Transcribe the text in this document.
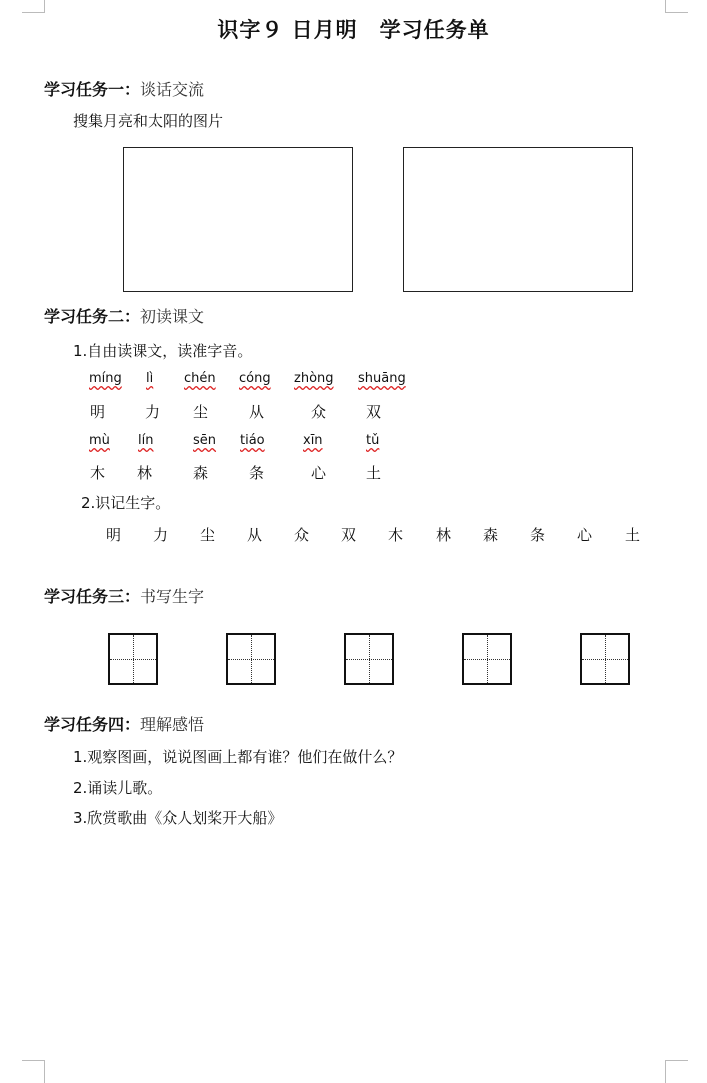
识字９ 日月明　学习任务单
学习任务一：谈话交流
搜集月亮和太阳的图片
学习任务二：初读课文
1.自由读课文，读准字音。
míng lì chén cóng zhòng shuāng
明	力 尘	从	众	双
mù lín	sēn tiáo	xīn	tǔ
木 林	森	条	心	土
2.识记生字。
明 力 尘 从 众 双 木 林 森 条 心 土
学习任务三：书写生字
学习任务四：理解感悟
1.观察图画，说说图画上都有谁？他们在做什么？
2.诵读儿歌。
3.欣赏歌曲《众人划桨开大船》
